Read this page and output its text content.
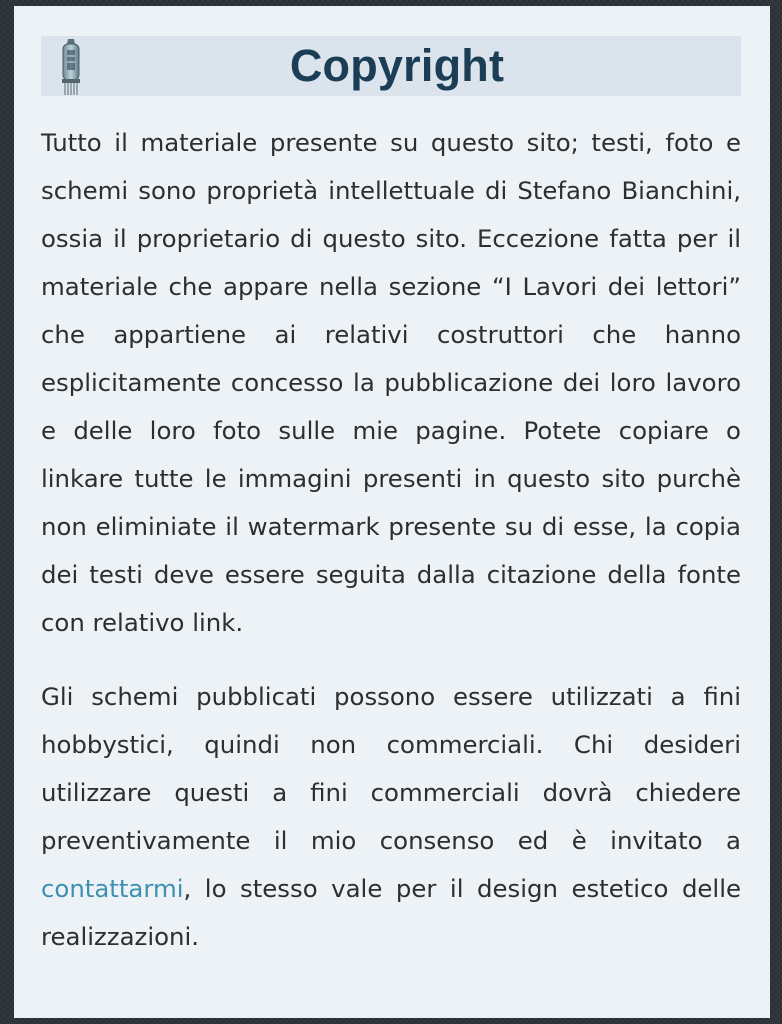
Copyright

Tutto il materiale presente su questo sito; testi, foto e schemi sono proprietà intellettuale di Stefano Bianchini, ossia il proprietario di questo sito. Eccezione fatta per il materiale che appare nella sezione “I Lavori dei lettori” che appartiene ai relativi costruttori che hanno esplicitamente concesso la pubblicazione dei loro lavoro e delle loro foto sulle mie pagine. Potete copiare o linkare tutte le immagini presenti in questo sito purchè non eliminiate il watermark presente su di esse, la copia dei testi deve essere seguita dalla citazione della fonte con relativo link.

Gli schemi pubblicati possono essere utilizzati a fini hobbystici, quindi non commerciali. Chi desideri utilizzare questi a fini commerciali dovrà chiedere preventivamente il mio consenso ed è invitato a contattarmi, lo stesso vale per il design estetico delle realizzazioni.
